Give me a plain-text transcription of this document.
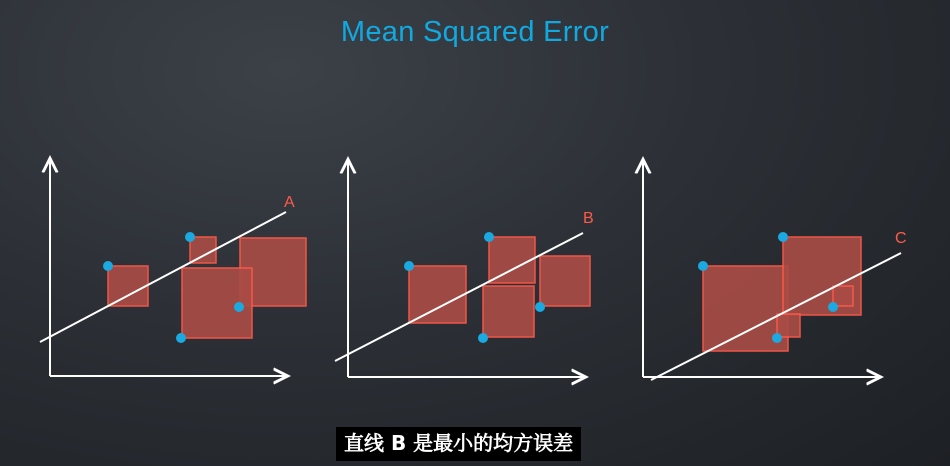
Mean Squared Error
A
B
C
直线 B 是最小的均方误差
